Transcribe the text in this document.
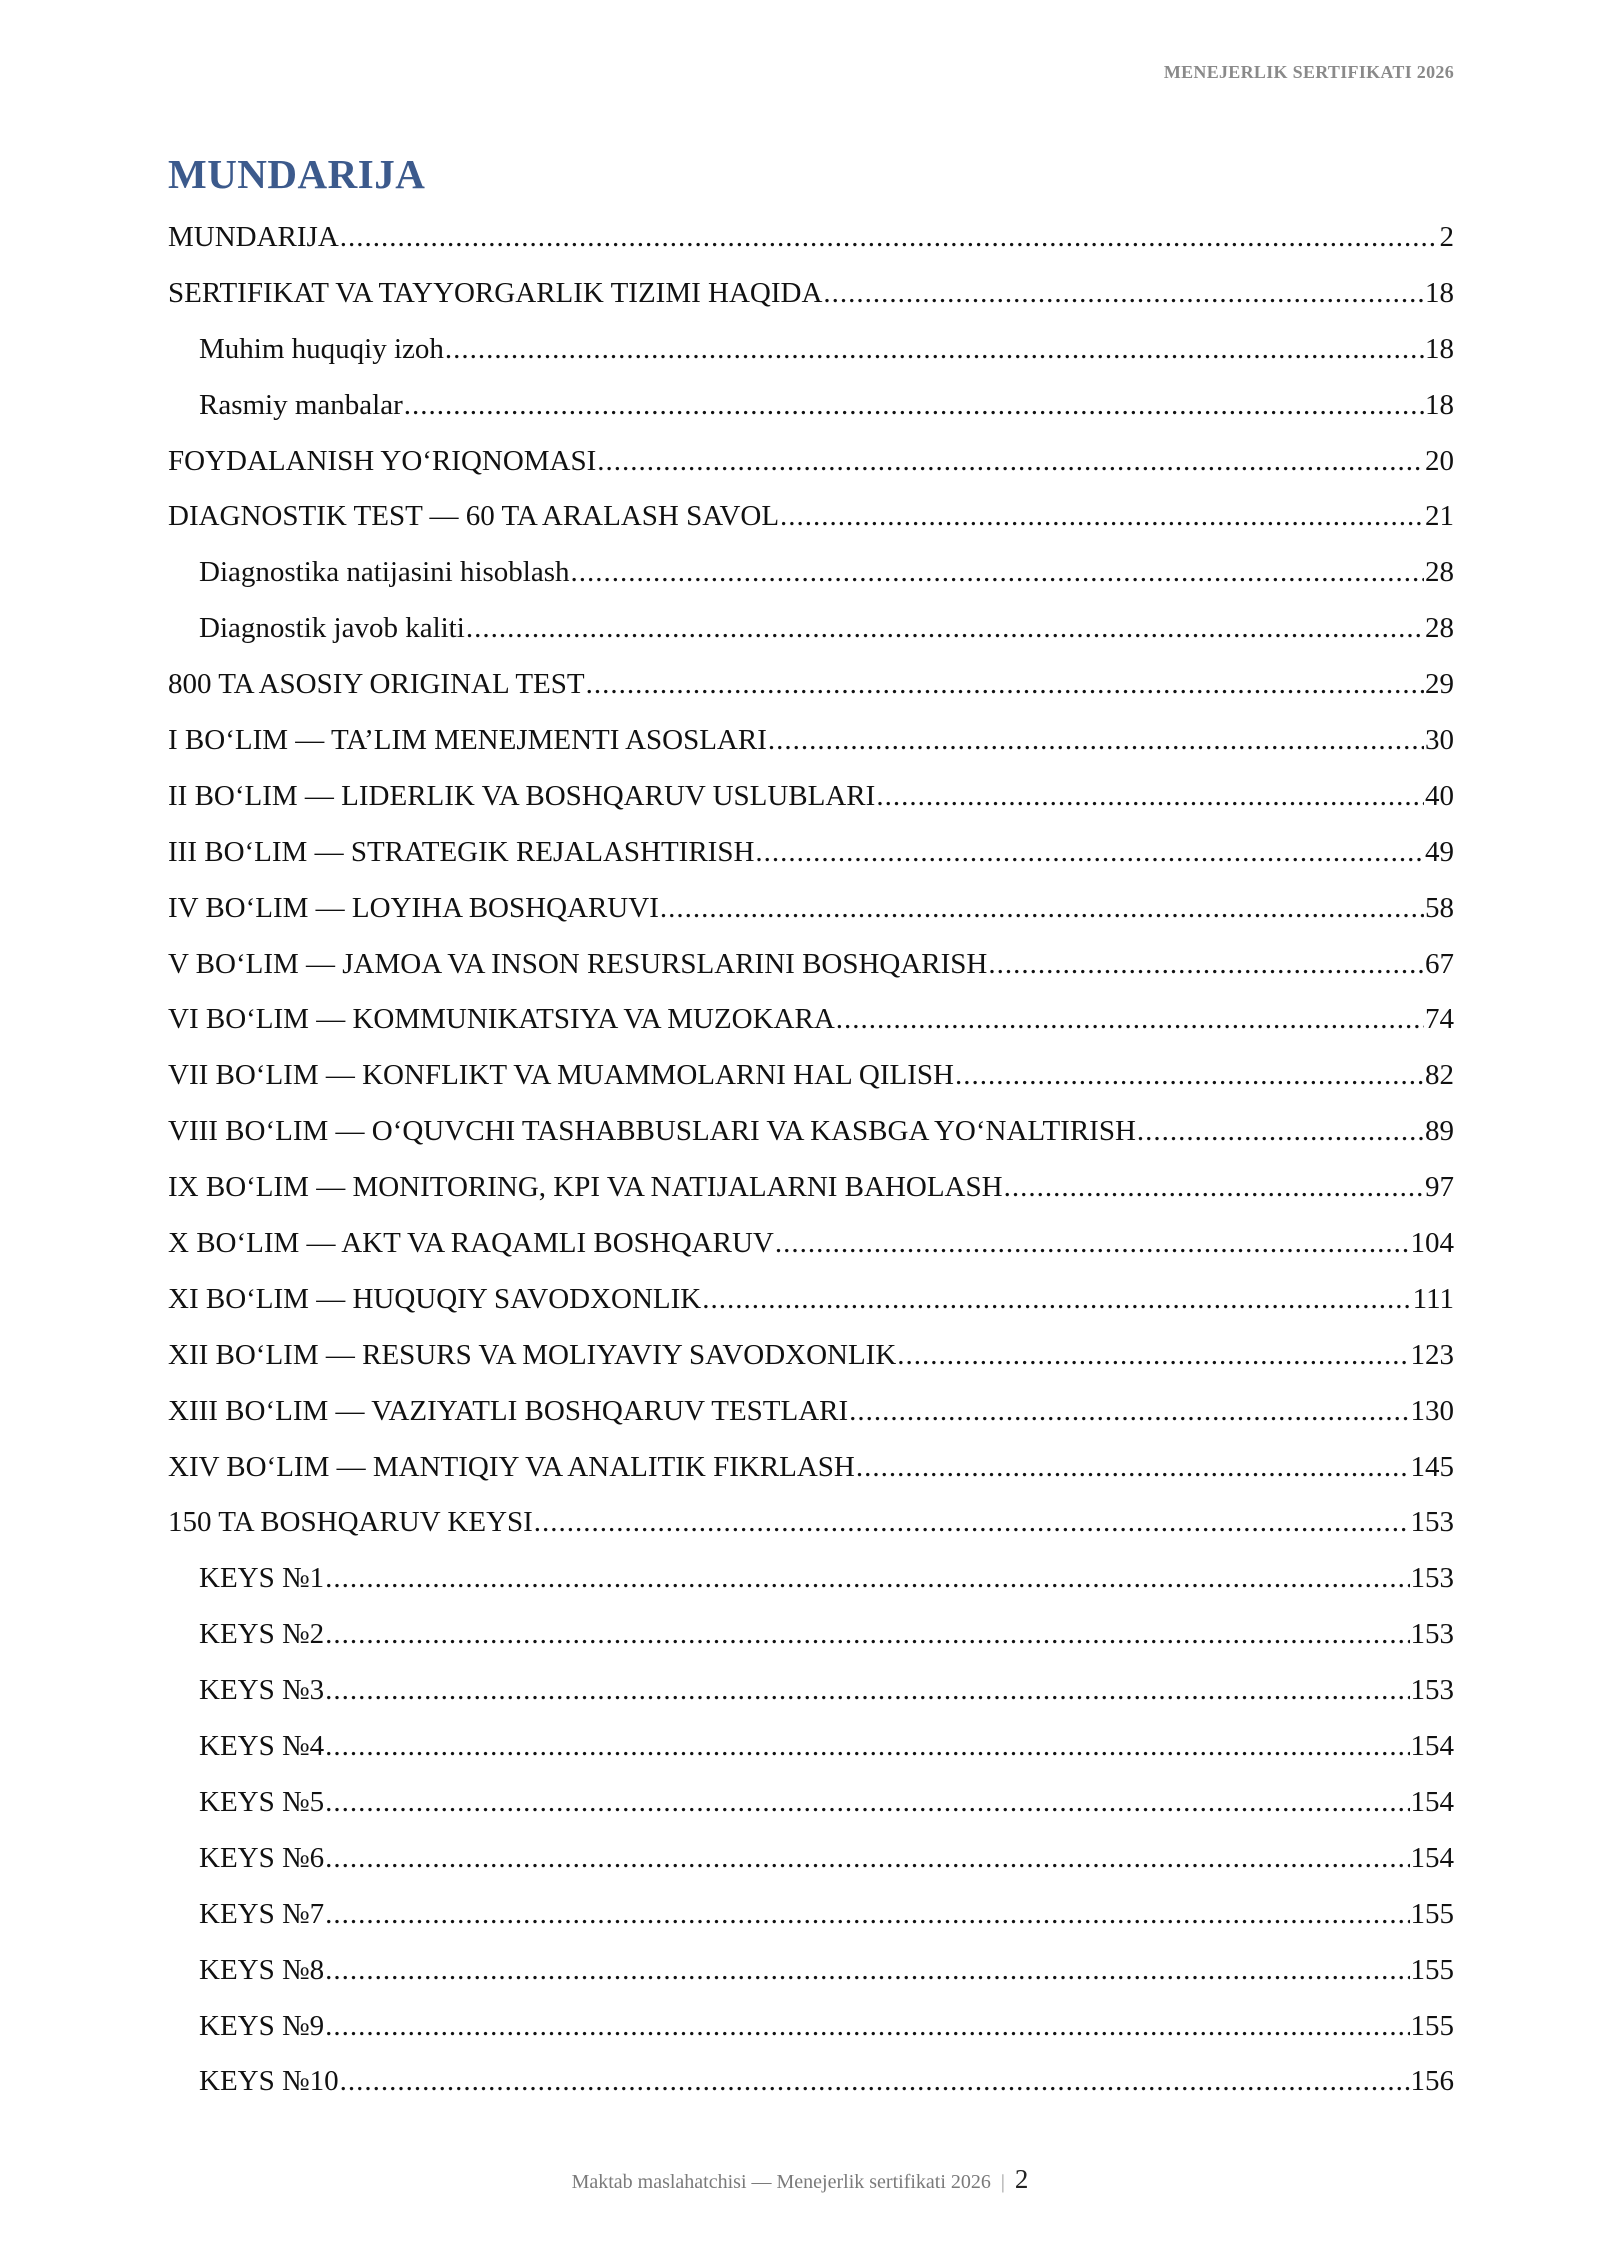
MENEJERLIK SERTIFIKATI 2026
MUNDARIJA
MUNDARIJA .....	2
SERTIFIKAT VA TAYYORGARLIK TIZIMI HAQIDA .....	18
Muhim huquqiy izoh .....	18
Rasmiy manbalar .....	18
FOYDALANISH YO‘RIQNOMASI .....	20
DIAGNOSTIK TEST — 60 TA ARALASH SAVOL .....	21
Diagnostika natijasini hisoblash .....	28
Diagnostik javob kaliti .....	28
800 TA ASOSIY ORIGINAL TEST .....	29
I BO‘LIM — TA’LIM MENEJMENTI ASOSLARI .....	30
II BO‘LIM — LIDERLIK VA BOSHQARUV USLUBLARI .....	40
III BO‘LIM — STRATEGIK REJALASHTIRISH .....	49
IV BO‘LIM — LOYIHA BOSHQARUVI .....	58
V BO‘LIM — JAMOA VA INSON RESURSLARINI BOSHQARISH .....	67
VI BO‘LIM — KOMMUNIKATSIYA VA MUZOKARA .....	74
VII BO‘LIM — KONFLIKT VA MUAMMOLARNI HAL QILISH .....	82
VIII BO‘LIM — O‘QUVCHI TASHABBUSLARI VA KASBGA YO‘NALTIRISH .....	89
IX BO‘LIM — MONITORING, KPI VA NATIJALARNI BAHOLASH .....	97
X BO‘LIM — AKT VA RAQAMLI BOSHQARUV .....	104
XI BO‘LIM — HUQUQIY SAVODXONLIK .....	111
XII BO‘LIM — RESURS VA MOLIYAVIY SAVODXONLIK .....	123
XIII BO‘LIM — VAZIYATLI BOSHQARUV TESTLARI .....	130
XIV BO‘LIM — MANTIQIY VA ANALITIK FIKRLASH .....	145
150 TA BOSHQARUV KEYSI .....	153
KEYS №1 .....	153
KEYS №2 .....	153
KEYS №3 .....	153
KEYS №4 .....	154
KEYS №5 .....	154
KEYS №6 .....	154
KEYS №7 .....	155
KEYS №8 .....	155
KEYS №9 .....	155
KEYS №10 .....	156
Maktab maslahatchisi — Menejerlik sertifikati 2026 | 2
